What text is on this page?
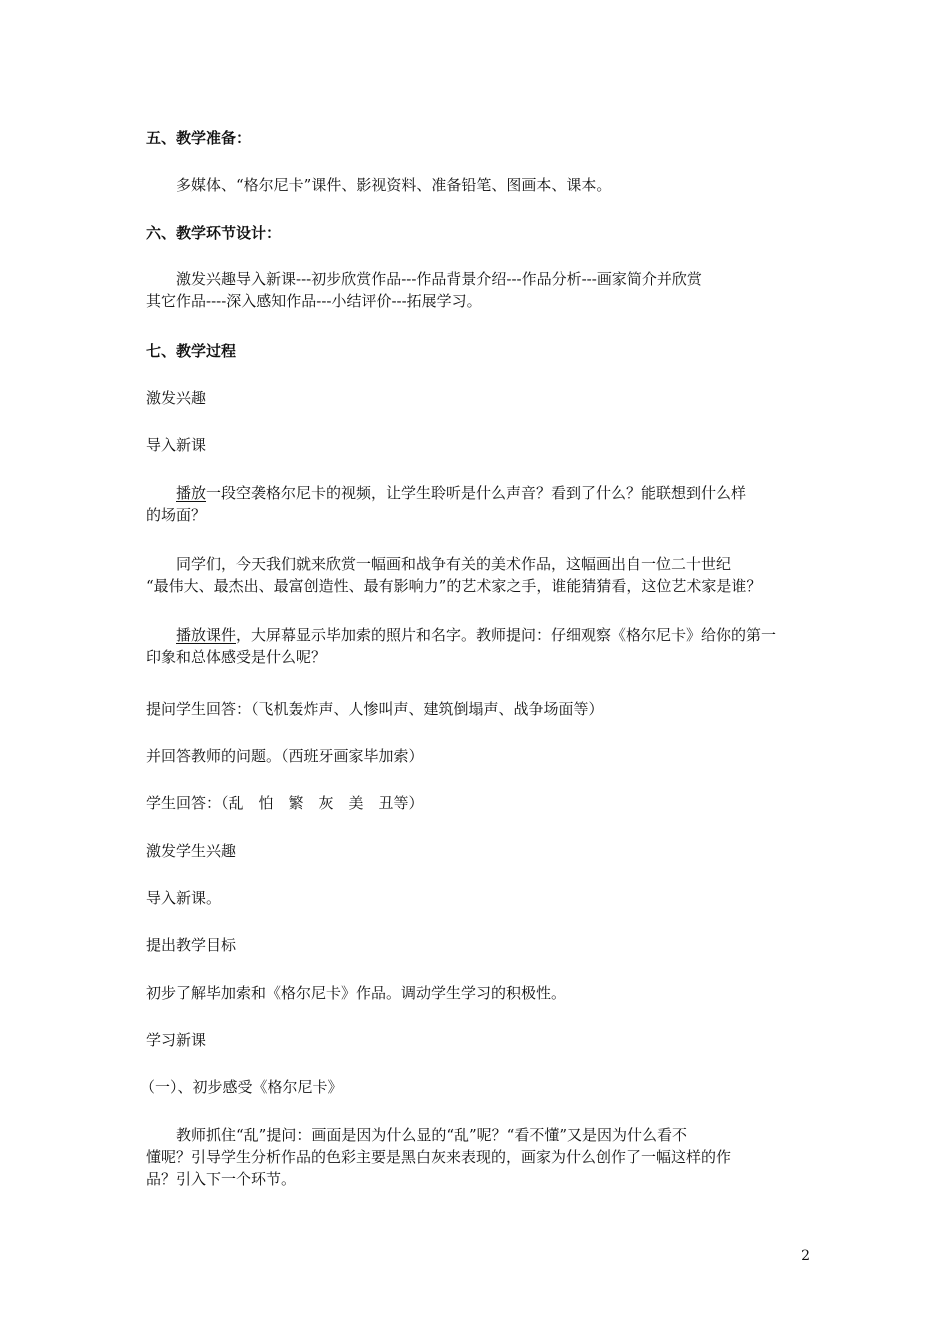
五、教学准备：

多媒体、“格尔尼卡”课件、影视资料、准备铅笔、图画本、课本。

六、教学环节设计：

激发兴趣导入新课---初步欣赏作品---作品背景介绍---作品分析---画家简介并欣赏
其它作品----深入感知作品---小结评价---拓展学习。

七、教学过程

激发兴趣

导入新课

播放一段空袭格尔尼卡的视频，让学生聆听是什么声音？看到了什么？能联想到什么样
的场面？
同学们，今天我们就来欣赏一幅画和战争有关的美术作品，这幅画出自一位二十世纪
“最伟大、最杰出、最富创造性、最有影响力”的艺术家之手，谁能猜猜看，这位艺术家是谁？
播放课件，大屏幕显示毕加索的照片和名字。教师提问：仔细观察《格尔尼卡》给你的第一
印象和总体感受是什么呢？

提问学生回答：（飞机轰炸声、人惨叫声、建筑倒塌声、战争场面等）

并回答教师的问题。（西班牙画家毕加索）

学生回答：（乱　怕　繁　灰　美　丑等）

激发学生兴趣

导入新课。

提出教学目标

初步了解毕加索和《格尔尼卡》作品。调动学生学习的积极性。

学习新课

（一）、初步感受《格尔尼卡》

教师抓住“乱”提问：画面是因为什么显的“乱”呢？“看不懂”又是因为什么看不
懂呢？引导学生分析作品的色彩主要是黑白灰来表现的，画家为什么创作了一幅这样的作
品？引入下一个环节。
2
